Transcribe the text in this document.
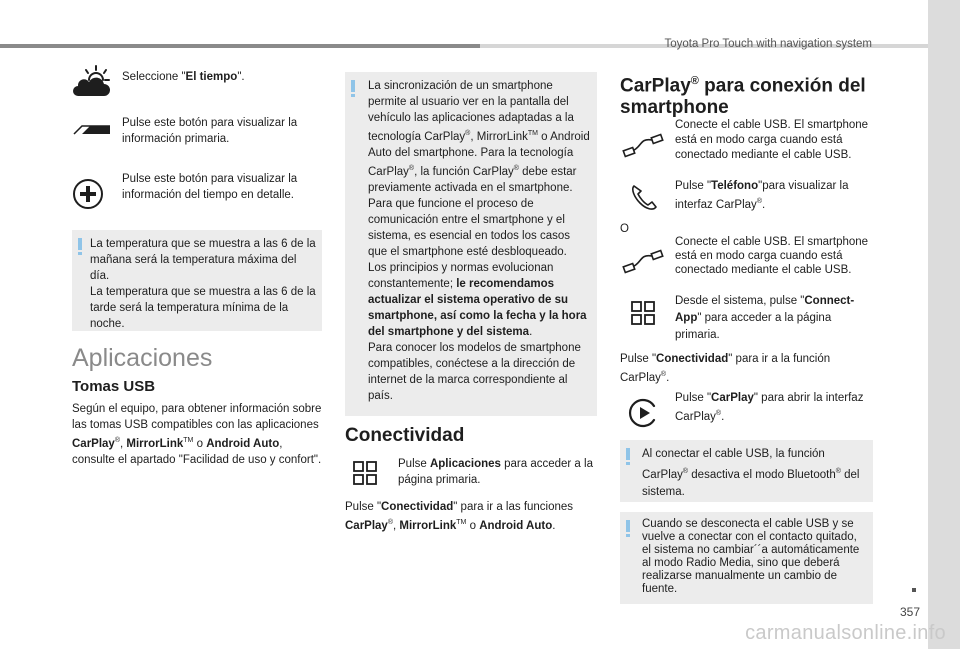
Toyota Pro Touch with navigation system
357
carmanualsonline.info
Seleccione "El tiempo".
Pulse este botón para visualizar la información primaria.
Pulse este botón para visualizar la información del tiempo en detalle.
La temperatura que se muestra a las 6 de la mañana será la temperatura máxima del día.
La temperatura que se muestra a las 6 de la tarde será la temperatura mínima de la noche.
Aplicaciones
Tomas USB
Según el equipo, para obtener información sobre las tomas USB compatibles con las aplicaciones CarPlay®, MirrorLink™ o Android Auto, consulte el apartado "Facilidad de uso y confort".
La sincronización de un smartphone permite al usuario ver en la pantalla del vehículo las aplicaciones adaptadas a la tecnología CarPlay®, MirrorLink™ o Android Auto del smartphone. Para la tecnología CarPlay®, la función CarPlay® debe estar previamente activada en el smartphone.
Para que funcione el proceso de comunicación entre el smartphone y el sistema, es esencial en todos los casos que el smartphone esté desbloqueado.
Los principios y normas evolucionan constantemente; le recomendamos actualizar el sistema operativo de su smartphone, así como la fecha y la hora del smartphone y del sistema.
Para conocer los modelos de smartphone compatibles, conéctese a la dirección de internet de la marca correspondiente al país.
Conectividad
Pulse Aplicaciones para acceder a la página primaria.
Pulse "Conectividad" para ir a las funciones CarPlay®, MirrorLink™ o Android Auto.
CarPlay® para conexión del smartphone
Conecte el cable USB. El smartphone está en modo carga cuando está conectado mediante el cable USB.
Pulse "Teléfono"para visualizar la interfaz CarPlay®.
O
Conecte el cable USB. El smartphone está en modo carga cuando está conectado mediante el cable USB.
Desde el sistema, pulse "Connect-App" para acceder a la página primaria.
Pulse "Conectividad" para ir a la función CarPlay®.
Pulse "CarPlay" para abrir la interfaz CarPlay®.
Al conectar el cable USB, la función CarPlay® desactiva el modo Bluetooth® del sistema.
Cuando se desconecta el cable USB y se vuelve a conectar con el contacto quitado, el sistema no cambiar´´a automáticamente al modo Radio Media, sino que deberá realizarse manualmente un cambio de fuente.
